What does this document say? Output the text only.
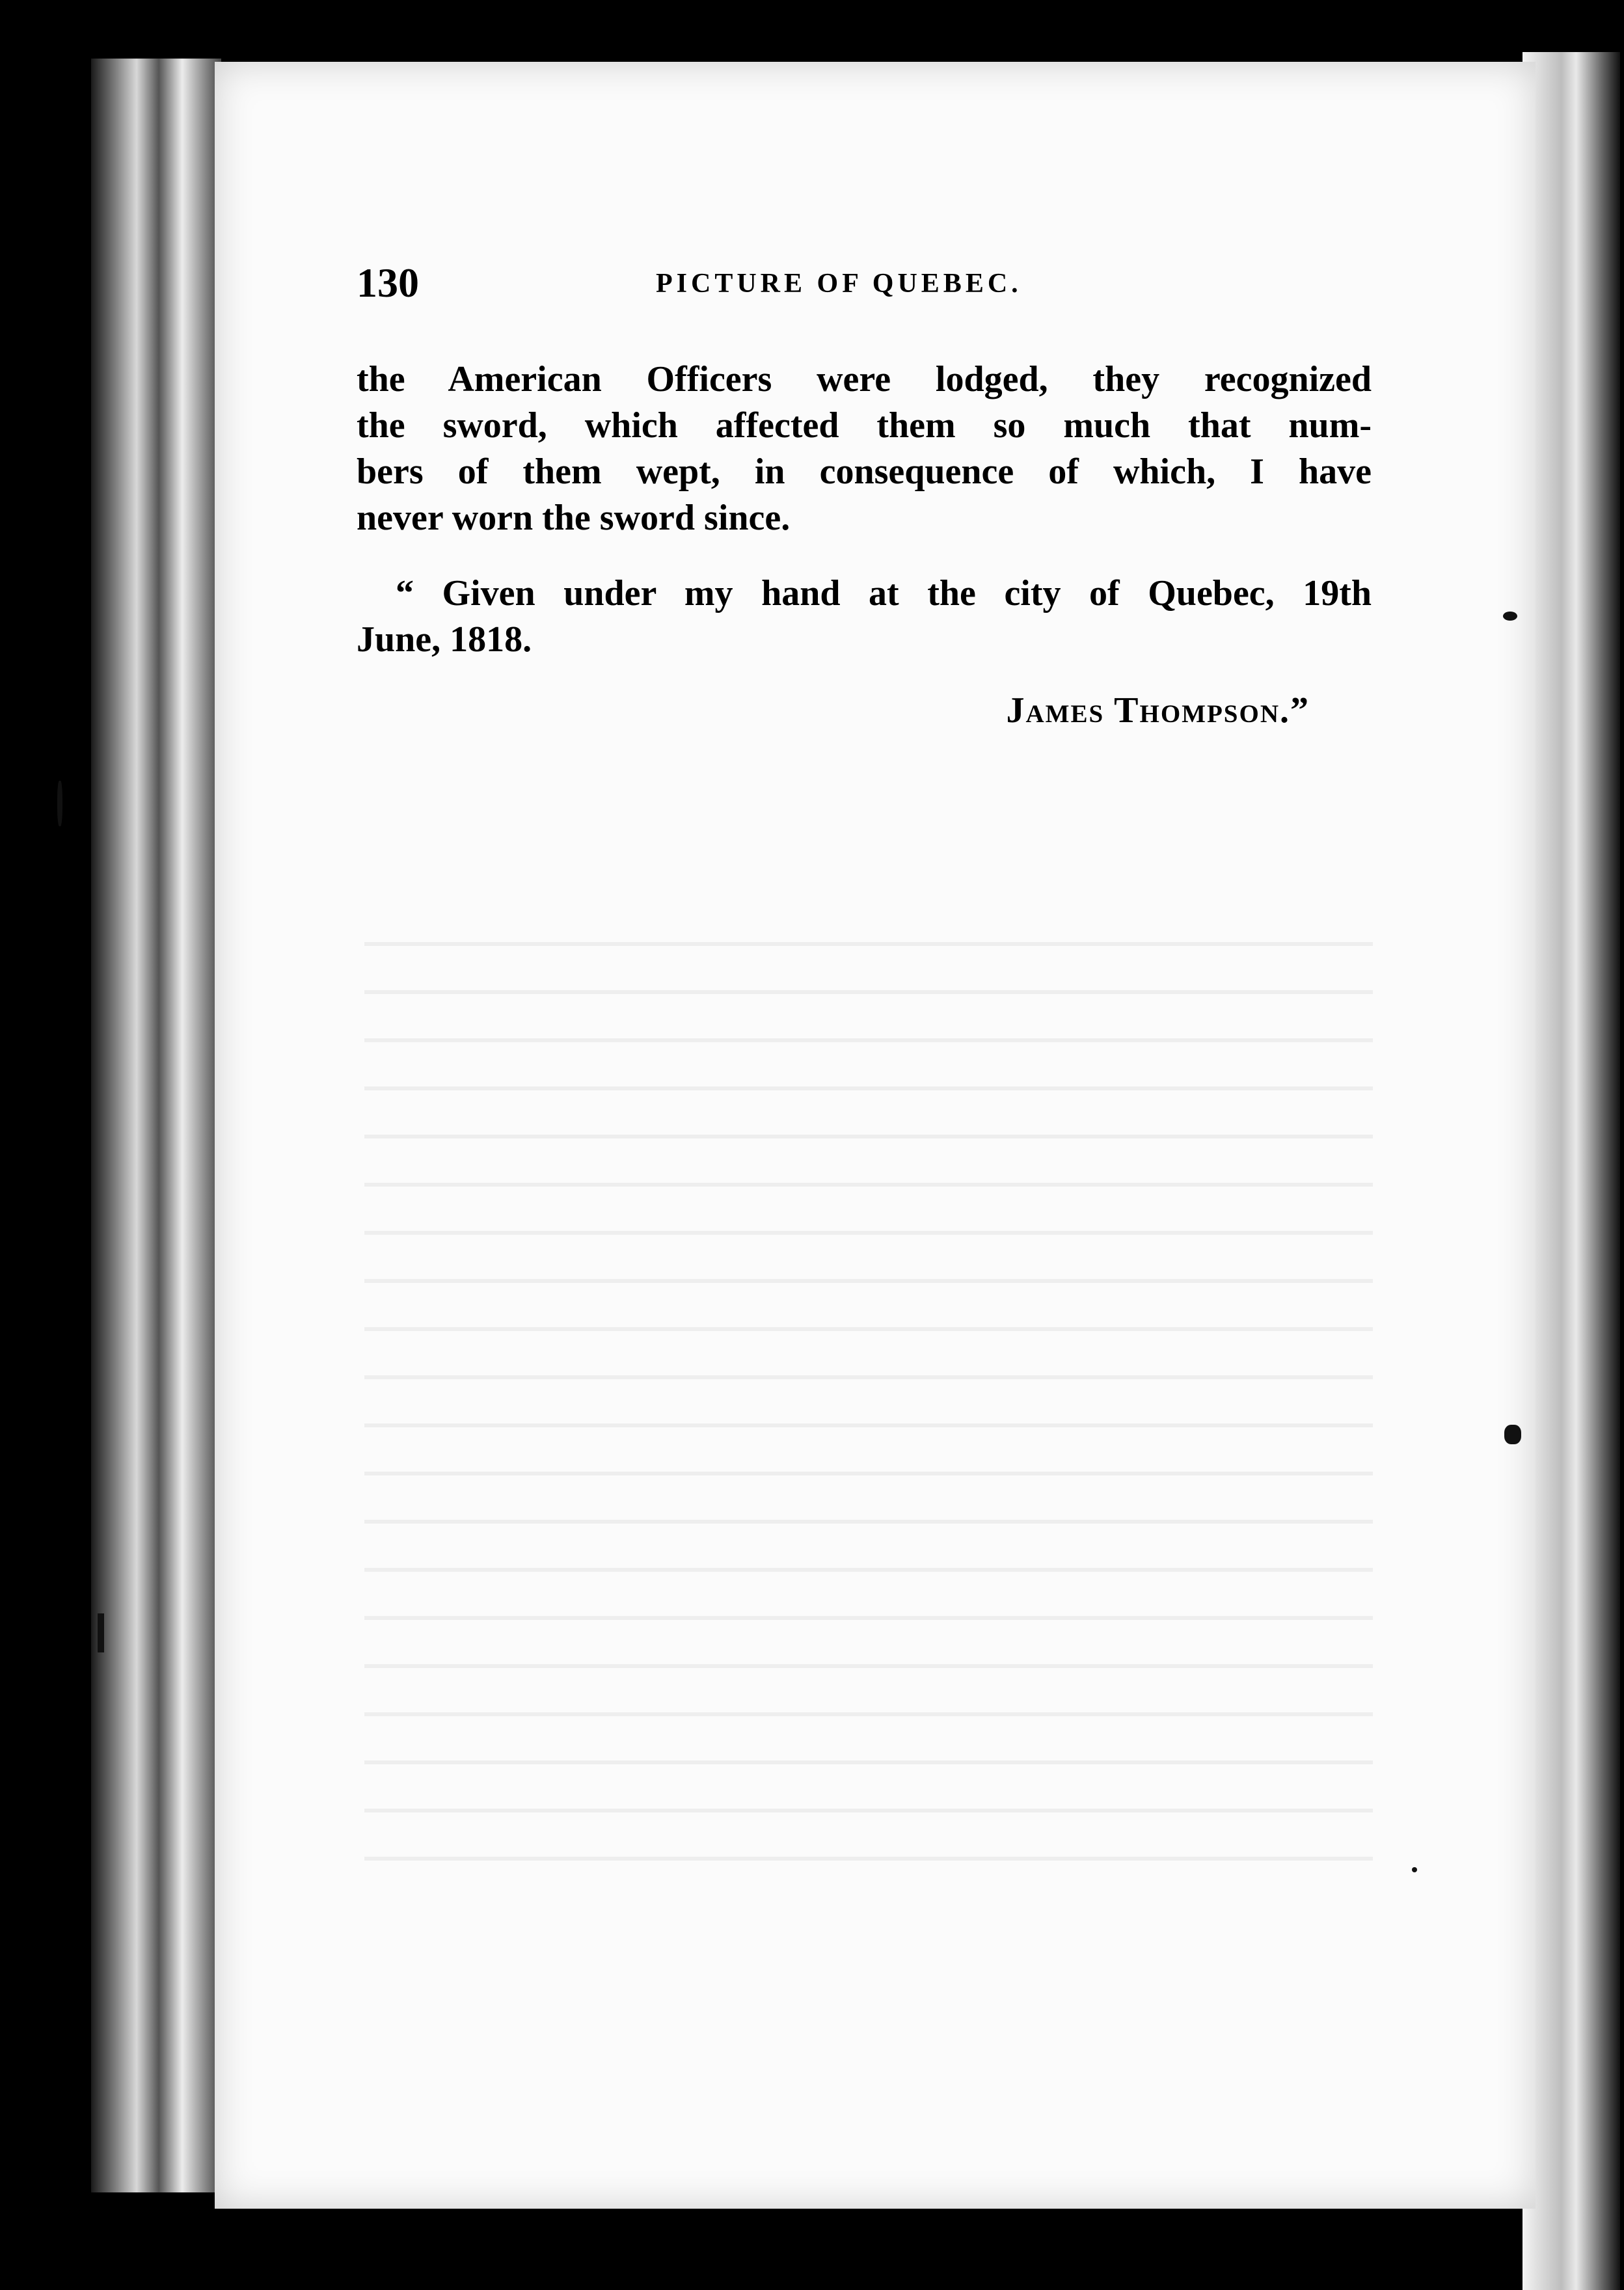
130	PICTURE OF QUEBEC.
the American Officers were lodged, they recognized
the sword, which affected them so much that num-
bers of them wept, in consequence of which, I have
never worn the sword since.
“ Given under my hand at the city of Quebec, 19th
June, 1818.
James Thompson.”
